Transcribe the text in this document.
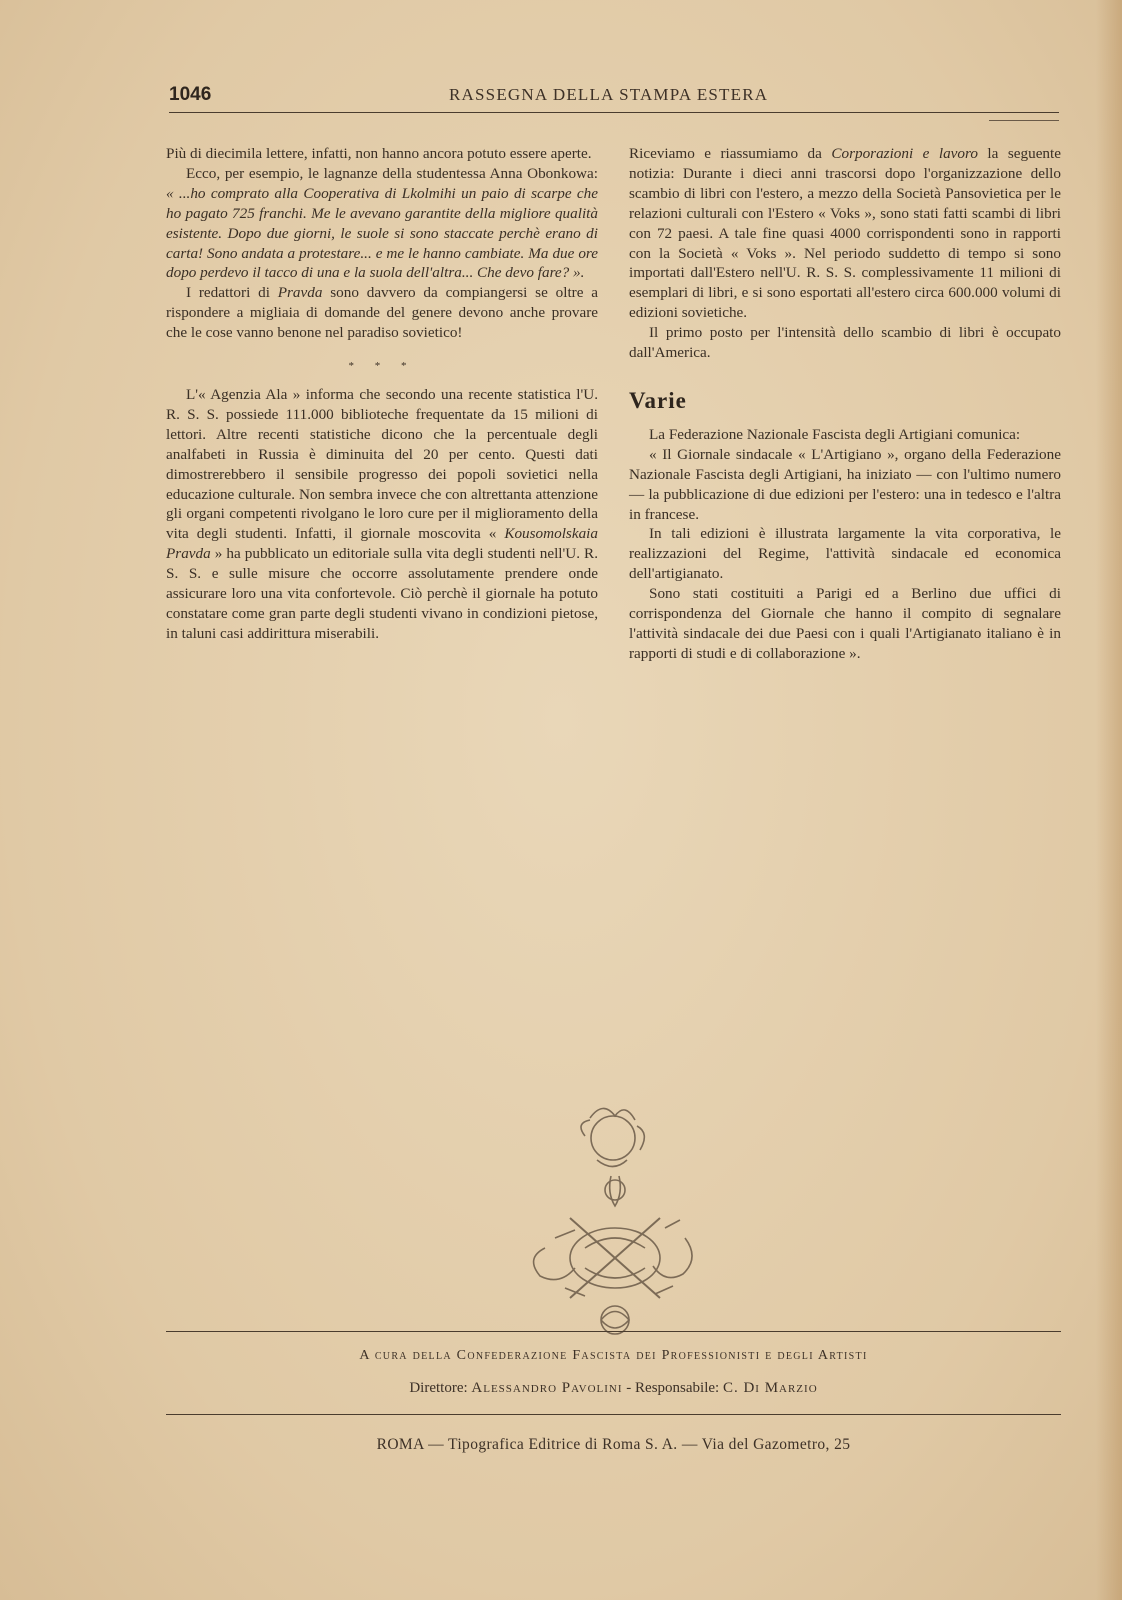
1046	RASSEGNA DELLA STAMPA ESTERA

Più di diecimila lettere, infatti, non hanno ancora potuto essere aperte.

Ecco, per esempio, le lagnanze della studentessa Anna Obonkowa: « ...ho comprato alla Cooperativa di Lkolmihi un paio di scarpe che ho pagato 725 franchi. Me le avevano garantite della migliore qualità esistente. Dopo due giorni, le suole si sono staccate perchè erano di carta! Sono andata a protestare... e me le hanno cambiate. Ma due ore dopo perdevo il tacco di una e la suola dell'altra... Che devo fare? ».

I redattori di Pravda sono davvero da compiangersi se oltre a rispondere a migliaia di domande del genere devono anche provare che le cose vanno benone nel paradiso sovietico!

* * *

L'« Agenzia Ala » informa che secondo una recente statistica l'U. R. S. S. possiede 111.000 biblioteche frequentate da 15 milioni di lettori. Altre recenti statistiche dicono che la percentuale degli analfabeti in Russia è diminuita del 20 per cento. Questi dati dimostrerebbero il sensibile progresso dei popoli sovietici nella educazione culturale. Non sembra invece che con altrettanta attenzione gli organi competenti rivolgano le loro cure per il miglioramento della vita degli studenti. Infatti, il giornale moscovita « Kousomolskaia Pravda » ha pubblicato un editoriale sulla vita degli studenti nell'U. R. S. S. e sulle misure che occorre assolutamente prendere onde assicurare loro una vita confortevole. Ciò perchè il giornale ha potuto constatare come gran parte degli studenti vivano in condizioni pietose, in taluni casi addirittura miserabili.

Riceviamo e riassumiamo da Corporazioni e lavoro la seguente notizia: Durante i dieci anni trascorsi dopo l'organizzazione dello scambio di libri con l'estero, a mezzo della Società Pansovietica per le relazioni culturali con l'Estero « Voks », sono stati fatti scambi di libri con 72 paesi. A tale fine quasi 4000 corrispondenti sono in rapporti con la Società « Voks ». Nel periodo suddetto di tempo si sono importati dall'Estero nell'U. R. S. S. complessivamente 11 milioni di esemplari di libri, e si sono esportati all'estero circa 600.000 volumi di edizioni sovietiche.

Il primo posto per l'intensità dello scambio di libri è occupato dall'America.

Varie

La Federazione Nazionale Fascista degli Artigiani comunica:

« Il Giornale sindacale « L'Artigiano », organo della Federazione Nazionale Fascista degli Artigiani, ha iniziato — con l'ultimo numero — la pubblicazione di due edizioni per l'estero: una in tedesco e l'altra in francese.

In tali edizioni è illustrata largamente la vita corporativa, le realizzazioni del Regime, l'attività sindacale ed economica dell'artigianato.

Sono stati costituiti a Parigi ed a Berlino due uffici di corrispondenza del Giornale che hanno il compito di segnalare l'attività sindacale dei due Paesi con i quali l'Artigianato italiano è in rapporti di studi e di collaborazione ».

A cura della Confederazione Fascista dei Professionisti e degli Artisti
Direttore: Alessandro Pavolini - Responsabile: C. Di Marzio
ROMA — Tipografica Editrice di Roma S. A. — Via del Gazometro, 25
